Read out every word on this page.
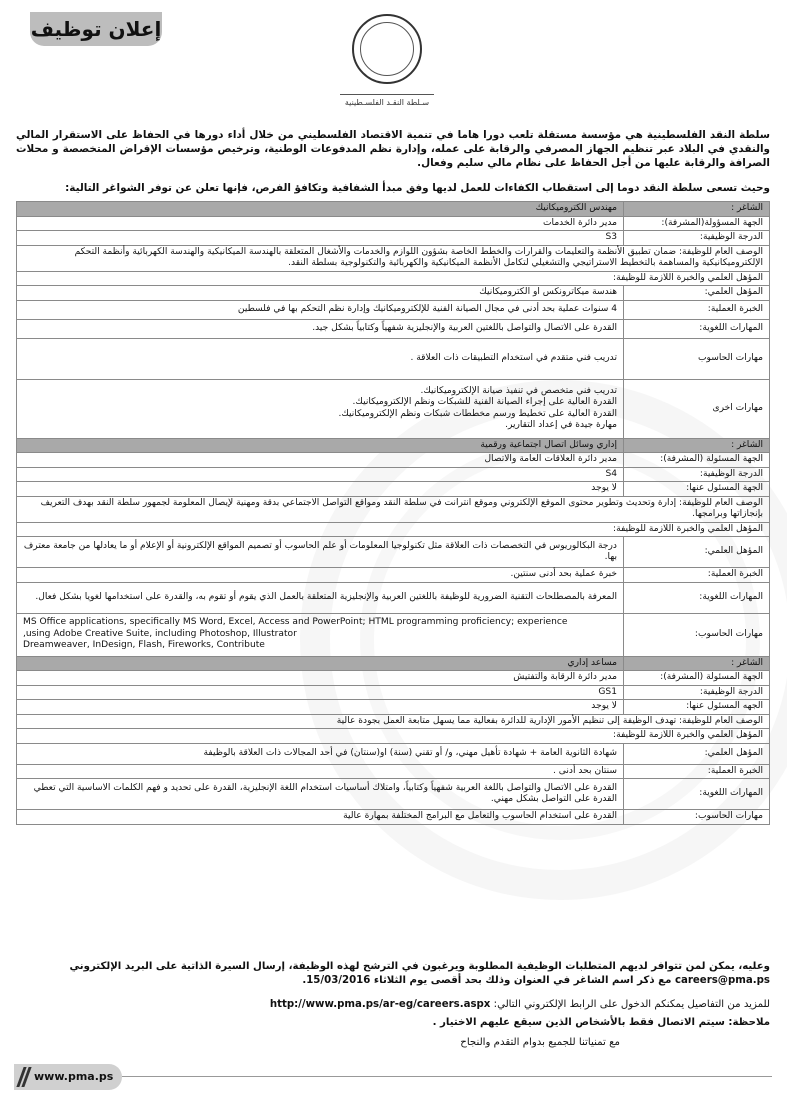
إعلان توظيف
سـلطة النقـد الفلسـطينية
سلطة النقد الفلسطينية هي مؤسسة مستقلة تلعب دورا هاما في تنمية الاقتصاد الفلسطيني من خلال أداء دورها في الحفاظ على الاستقرار المالي والنقدي في البلاد عبر تنظيم الجهاز المصرفي والرقابة على عمله، وإدارة نظم المدفوعات الوطنية، وترخيص مؤسسات الإقراض المتخصصة و محلات الصرافة والرقابة عليها من أجل الحفاظ على نظام مالي سليم وفعال.
وحيث تسعى سلطة النقد دوما إلى استقطاب الكفاءات للعمل لديها وفق مبدأ الشفافية وتكافؤ الفرص، فإنها تعلن عن توفر الشواغر التالية:
الشاغر :	مهندس الكتروميكانيك
الجهة المسؤولة(المشرفة):	مدير دائرة الخدمات
الدرجة الوظيفية:	S3
الوصف العام للوظيفة: ضمان تطبيق الأنظمة والتعليمات والقرارات والخطط الخاصة بشؤون اللوازم والخدمات والأشغال المتعلقة بالهندسة الميكانيكية والهندسة الكهربائية وأنظمة التحكم الإلكتروميكانيكية والمساهمة بالتخطيط الاستراتيجي والتشغيلي لتكامل الأنظمة الميكانيكية والكهربائية والتكنولوجية بسلطة النقد.	
المؤهل العلمي والخبرة اللازمة للوظيفة:	
المؤهل العلمي:	هندسة ميكاترونكس او الكتروميكانيك
الخبرة العملية:	4 سنوات عملية بحد أدنى في مجال الصيانة الفنية للإلكتروميكانيك وإدارة نظم التحكم بها في فلسطين
المهارات اللغوية:	القدرة على الاتصال والتواصل باللغتين العربية والإنجليزية شفهياً وكتابياً بشكل جيد.
مهارات الحاسوب	تدريب فني متقدم في استخدام التطبيقات ذات العلاقة .
مهارات اخرى	تدريب فني متخصص في تنفيذ صيانة الإلكتروميكانيك.
القدرة العالية على إجراء الصيانة الفنية للشبكات ونظم الإلكتروميكانيك.
القدرة العالية على تخطيط ورسم مخططات شبكات ونظم الإلكتروميكانيك.
مهارة جيدة في إعداد التقارير.

الشاغر :	إداري وسائل اتصال اجتماعية ورقمية
الجهة المسئولة (المشرفة):	مدير دائرة العلاقات العامة والاتصال
الدرجة الوظيفية:	S4
الجهة المسئول عنها:	لا يوجد
الوصف العام للوظيفة: إدارة وتحديث وتطوير محتوى الموقع الإلكتروني وموقع انترانت في سلطة النقد ومواقع التواصل الاجتماعي بدقة ومهنية لإيصال المعلومة لجمهور سلطة النقد بهدف التعريف بإنجازاتها وبرامجها.	
المؤهل العلمي والخبرة اللازمة للوظيفة:	
المؤهل العلمي:	درجة البكالوريوس في التخصصات ذات العلاقة مثل تكنولوجيا المعلومات أو علم الحاسوب أو تصميم المواقع الإلكترونية أو الإعلام أو ما يعادلها من جامعة معترف بها.
الخبرة العملية:	خبرة عملية بحد أدنى سنتين.
المهارات اللغوية:	المعرفة بالمصطلحات التقنية الضرورية للوظيفة باللغتين العربية والإنجليزية المتعلقة بالعمل الذي يقوم أو تقوم به، والقدرة على استخدامها لغويا بشكل فعال.
مهارات الحاسوب:	MS Office applications, specifically MS Word, Excel, Access and PowerPoint; HTML programming proficiency; experience
,using Adobe Creative Suite, including Photoshop, Illustrator
Dreamweaver, InDesign, Flash, Fireworks, Contribute

الشاغر :	مساعد إداري
الجهة المسئولة (المشرفة):	مدير دائرة الرقابة والتفتيش
الدرجة الوظيفية:	GS1
الجهه المسئول عنها:	لا يوجد
الوصف العام للوظيفة: تهدف الوظيفة إلى تنظيم الأمور الإدارية للدائرة بفعالية مما يسهل متابعة العمل بجودة عالية	
المؤهل العلمي والخبرة اللازمة للوظيفة:	
المؤهل العلمي:	شهادة الثانوية العامة + شهادة تأهيل مهني، و/ أو تقني (سنة) او(سنتان) في أحد المجالات ذات العلاقة بالوظيفة
الخبرة العملية:	سنتان بحد أدنى .
المهارات اللغوية:	القدرة على الاتصال والتواصل باللغة العربية شفهياً وكتابياً، وامتلاك أساسيات استخدام اللغة الإنجليزية، القدرة على تحديد و فهم الكلمات الاساسية التي تعطي القدرة على التواصل بشكل مهني.
مهارات الحاسوب:	القدرة على استخدام الحاسوب والتعامل مع البرامج المختلفة بمهارة عالية
وعليه، يمكن لمن تتوافر لديهم المتطلبات الوظيفية المطلوبة ويرغبون في الترشح لهذه الوظيفة، إرسال السيرة الذاتية على البريد الإلكتروني careers@pma.ps مع ذكر اسم الشاغر في العنوان وذلك بحد أقصى يوم الثلاثاء 15/03/2016.
للمزيد من التفاصيل يمكنكم الدخول على الرابط الإلكتروني التالي: http://www.pma.ps/ar-eg/careers.aspx
ملاحظة: سيتم الاتصال فقط بالأشخاص الذين سيقع عليهم الاختيار .
مع تمنياتنا للجميع بدوام التقدم والنجاح
www.pma.ps
